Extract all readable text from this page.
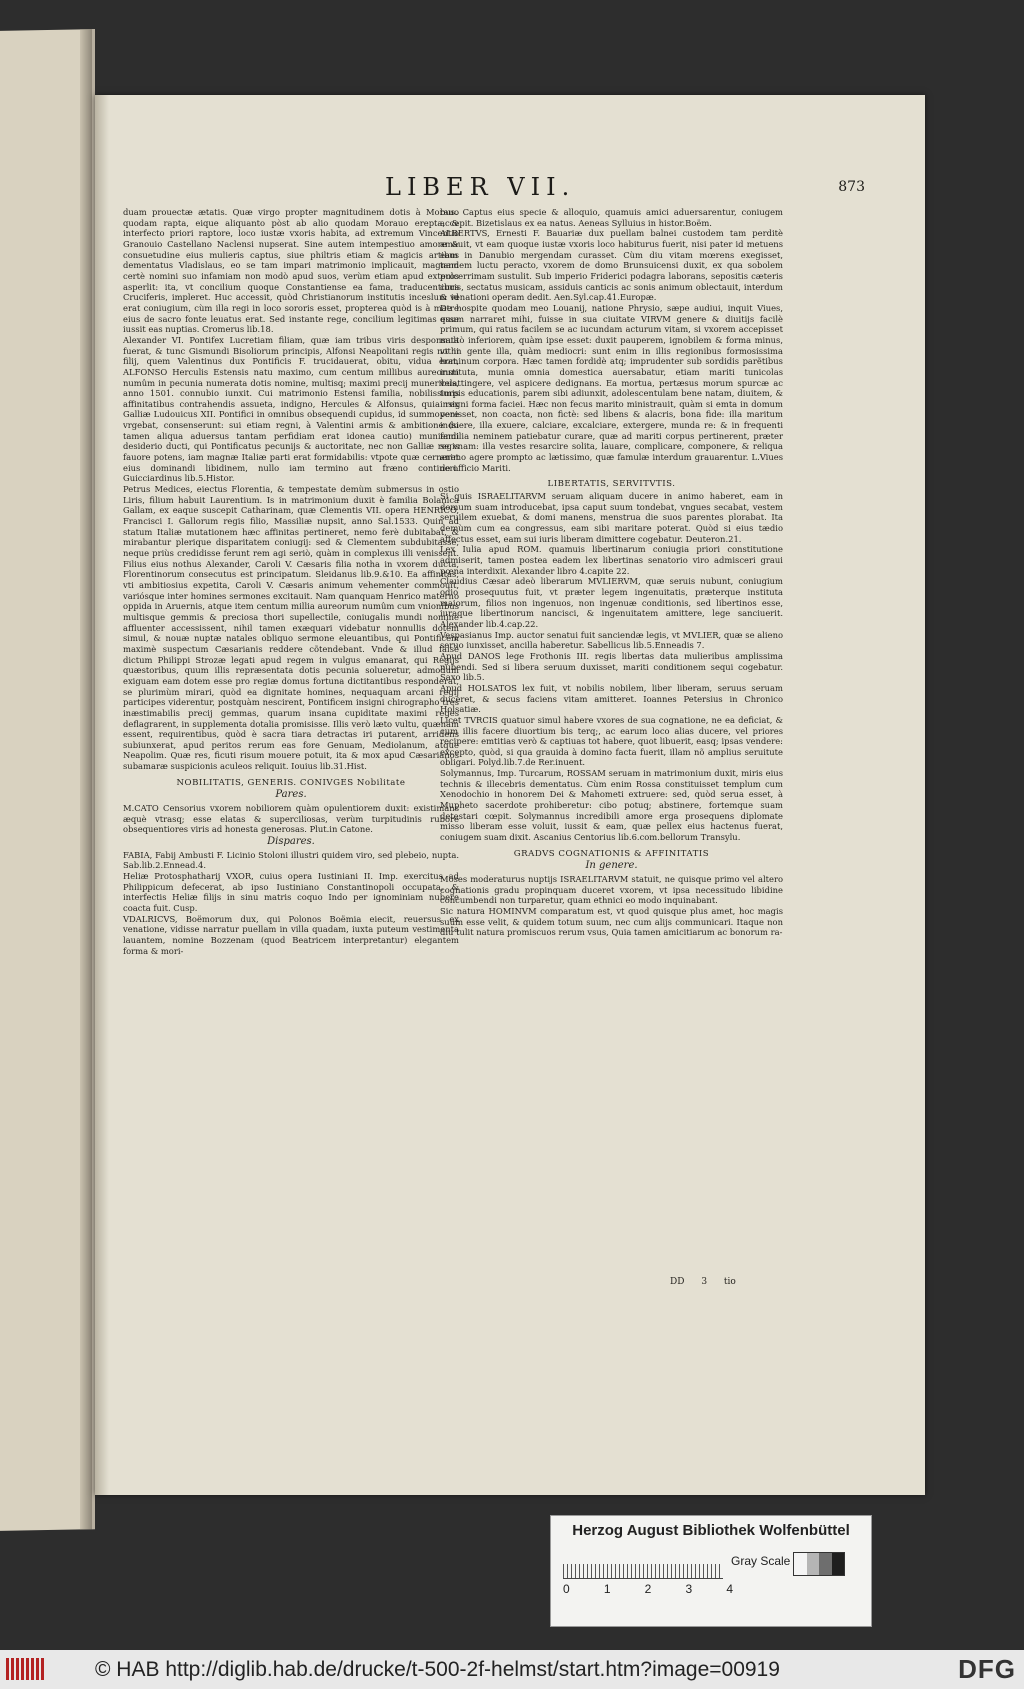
LIBER VII.	873

duam prouectæ ætatis. Quæ virgo propter magnitudinem dotis à Morauo quodam rapta, eique aliquanto pòst ab alio quodam Morauo erepta, & interfecto priori raptore, loco iustæ vxoris habita, ad extremum Vincentio Granouio Castellano Naclensi nupserat. Sine autem intempestiuo amore & consuetudine eius mulieris captus, siue philtris etiam & magicis artibus dementatus Vladislaus, eo se tam impari matrimonio implicauit, magnam certè nomini suo infamiam non modò apud suos, verùm etiam apud exteros asperlit: ita, vt concilium quoque Constantiense ea fama, traducentibus Cruciferis, impleret. Huc accessit, quòd Christianorum institutis inceslum id erat coniugium, cùm illa regi in loco sororis esset, propterea quòd is à matre eius de sacro fonte leuatus erat. Sed instante rege, concilium legitimas esse iussit eas nuptias. Cromerus lib.18.

Alexander VI. Pontifex Lucretiam filiam, quæ iam tribus viris desponsata fuerat, & tunc Gismundi Bisoliorum principis, Alfonsi Neapolitani regis nothi filij, quem Valentinus dux Pontificis F. trucidauerat, obitu, vidua erat, ALFONSO Herculis Estensis natu maximo, cum centum millibus aureorum numûm in pecunia numerata dotis nomine, multisq; maximi precij muneribus, anno 1501. connubio iunxit. Cui matrimonio Estensi familia, nobilissimis affinitatibus contrahendis assueta, indigno, Hercules & Alfonsus, quia rex Galliæ Ludouicus XII. Pontifici in omnibus obsequendi cupidus, id summopere vrgebat, consenserunt: sui etiam regni, à Valentini armis & ambitione (si tamen aliqua aduersus tantam perfidiam erat idonea cautio) muniendi desiderio ducti, qui Pontificatus pecunijs & auctoritate, nec non Galliæ regis fauore potens, iam magnæ Italiæ parti erat formidabilis: vtpote quæ cerneret eius dominandi libidinem, nullo iam termino aut fræno contineri. Guicciardinus lib.5.Histor.

Petrus Medices, eiectus Florentia, & tempestate demùm submersus in ostio Liris, filium habuit Laurentium. Is in matrimonium duxit è familia Bolanica Gallam, ex eaque suscepit Catharinam, quæ Clementis VII. opera HENRICO, Francisci I. Gallorum regis filio, Massiliæ nupsit, anno Sal.1533. Quin ad statum Italiæ mutationem hæc affinitas pertineret, nemo ferè dubitabat, & mirabantur plerique disparitatem coniugij: sed & Clementem subdubitasse, neque priùs credidisse ferunt rem agi seriò, quàm in complexus illi venissent. Filius eius nothus Alexander, Caroli V. Cæsaris filia notha in vxorem ducta, Florentinorum consecutus est principatum. Sleidanus lib.9.&10. Ea affinitas, vti ambitiosius expetita, Caroli V. Cæsaris animum vehementer commouit, variósque inter homines sermones excitauit. Nam quanquam Henrico materno oppida in Aruernis, atque item centum millia aureorum numûm cum vnionibus multisque gemmis & preciosa thori supellectile, coniugalis mundi nomine affluenter accessissent, nihil tamen exæquari videbatur nonnullis dotem simul, & nouæ nuptæ natales obliquo sermone eleuantibus, qui Pontificem maximè suspectum Cæsarianis reddere cõtendebant. Vnde & illud falsè dictum Philippi Strozæ legati apud regem in vulgus emanarat, qui Regijs quæstoribus, quum illis repræsentata dotis pecunia solueretur, admodum exiguam eam dotem esse pro regiæ domus fortuna dictitantibus responderat, se plurimùm mirari, quòd ea dignitate homines, nequaquam arcani regij participes viderentur, postquàm nescirent, Pontificem insigni chirographo tres inæstimabilis precij gemmas, quarum insana cupiditate maximi reges deflagrarent, in supplementa dotalia promisisse. Illis verò læto vultu, quænam essent, requirentibus, quòd è sacra tiara detractas iri putarent, arridens subiunxerat, apud peritos rerum eas fore Genuam, Mediolanum, atque Neapolim. Quæ res, ficuti risum mouere potuit, ita & mox apud Cæsarianos subamaræ suspicionis aculeos reliquit. Iouius lib.31.Hist.

NOBILITATIS, GENERIS. CONIVGES Nobilitate
Pares.

M.CATO Censorius vxorem nobiliorem quàm opulentiorem duxit: existimans æquè vtrasq; esse elatas & superciliosas, verùm turpitudinis rubore obsequentiores viris ad honesta generosas. Plut.in Catone.

Dispares.

FABIA, Fabij Ambusti F. Licinio Stoloni illustri quidem viro, sed plebeio, nupta. Sab.lib.2.Ennead.4.

Heliæ Protosphatharij VXOR, cuius opera Iustiniani II. Imp. exercitus ad Philippicum defecerat, ab ipso Iustiniano Constantinopoli occupata, & interfectis Heliæ filijs in sinu matris coquo Indo per ignominiam nubere coacta fuit. Cusp.

VDALRICVS, Boëmorum dux, qui Polonos Boëmia eiecit, reuersus ex venatione, vidisse narratur puellam in villa quadam, iuxta puteum vestimenta lauantem, nomine Bozzenam (quod Beatricem interpretantur) elegantem forma & mori-

bus. Captus eius specie & alloquio, quamuis amici aduersarentur, coniugem accepit. Bizetislaus ex ea natus. Aeneas Sylluius in histor.Boëm.

ALBERTVS, Ernesti F. Bauariæ dux puellam balnei custodem tam perditè amauit, vt eam quoque iustæ vxoris loco habiturus fuerit, nisi pater id metuens eam in Danubio mergendam curasset. Cùm diu vitam mœrens exegisset, tandem luctu peracto, vxorem de domo Brunsuicensi duxit, ex qua sobolem pulcerrimam sustulit. Sub imperio Friderici podagra laborans, sepositis cæteris curis, sectatus musicam, assiduis canticis ac sonis animum oblectauit, interdum & venationi operam dedit. Aen.Syl.cap.41.Europæ.

De hospite quodam meo Louanij, natione Phrysio, sæpe audiui, inquit Viues, quum narraret mihi, fuisse in sua ciuitate VIRVM genere & diuitijs facilè primum, qui ratus facilem se ac iucundam acturum vitam, si vxorem accepisset multò inferiorem, quàm ipse esset: duxit pauperem, ignobilem & forma minus, vt in gente illa, quàm mediocri: sunt enim in illis regionibus formosissima hominum corpora. Hæc tamen fordidè atq; imprudenter sub sordidis parẽtibus instituta, munia omnia domestica auersabatur, etiam mariti tunicolas velattingere, vel aspicere dedignans. Ea mortua, pertæsus morum spurcæ ac turpis educationis, parem sibi adiunxit, adolescentulam bene natam, diuitem, & insigni forma faciei. Hæc non fecus marito ministrauit, quàm si emta in domum venisset, non coacta, non fictè: sed libens & alacris, bona fide: illa maritum induere, illa exuere, calciare, excalciare, extergere, munda re: & in frequenti familia neminem patiebatur curare, quæ ad mariti corpus pertinerent, præter se vnam: illa vestes resarcire solita, lauare, complicare, componere, & reliqua animo agere prompto ac lætissimo, quæ famulæ interdum grauarentur. L.Viues de officio Mariti.

LIBERTATIS, SERVITVTIS.

Si quis ISRAELITARVM seruam aliquam ducere in animo haberet, eam in domum suam introducebat, ipsa caput suum tondebat, vngues secabat, vestem seruilem exuebat, & domi manens, menstrua die suos parentes plorabat. Ita demùm cum ea congressus, eam sibi maritare poterat. Quòd si eius tædio affectus esset, eam sui iuris liberam dimittere cogebatur. Deuteron.21.

Lex Iulia apud ROM. quamuis libertinarum coniugia priori constitutione admiserit, tamen postea eadem lex libertinas senatorio viro admisceri graui pœna interdixit. Alexander libro 4.capite 22.

Claudius Cæsar adeò liberarum MVLIERVM, quæ seruis nubunt, coniugium odio prosequutus fuit, vt præter legem ingenuitatis, præterque instituta maiorum, filios non ingenuos, non ingenuæ conditionis, sed libertinos esse, iuraque libertinorum nancisci, & ingenuitatem amittere, lege sanciuerit. Alexander lib.4.cap.22.

Vespasianus Imp. auctor senatui fuit sanciendæ legis, vt MVLIER, quæ se alieno seruo iunxisset, ancilla haberetur. Sabellicus lib.5.Enneadis 7.

Apud DANOS lege Frothonis III. regis libertas data mulieribus amplissima nubendi. Sed si libera seruum duxisset, mariti conditionem sequi cogebatur. Saxo lib.5.

Apud HOLSATOS lex fuit, vt nobilis nobilem, liber liberam, seruus seruam duceret, & secus faciens vitam amitteret. Ioannes Petersius in Chronico Holsatiæ.

Licet TVRCIS quatuor simul habere vxores de sua cognatione, ne ea deficiat, & cum illis facere diuortium bis terq;, ac earum loco alias ducere, vel priores recipere: emtitias verò & captiuas tot habere, quot libuerit, easq; ipsas vendere: excepto, quòd, si qua grauida à domino facta fuerit, illam nõ amplius seruitute obligari. Polyd.lib.7.de Rer.inuent.

Solymannus, Imp. Turcarum, ROSSAM seruam in matrimonium duxit, miris eius technis & illecebris dementatus. Cùm enim Rossa constituisset templum cum Xenodochio in honorem Dei & Mahometi extruere: sed, quòd serua esset, à Mupheto sacerdote prohiberetur: cibo potuq; abstinere, fortemque suam detestari cœpit. Solymannus incredibili amore erga prosequens diplomate misso liberam esse voluit, iussit & eam, quæ pellex eius hactenus fuerat, coniugem suam dixit. Ascanius Centorius lib.6.com.bellorum Transylu.

GRADVS COGNATIONIS & AFFINITATIS
In genere.

Moses moderaturus nuptijs ISRAELITARVM statuit, ne quisque primo vel altero cognationis gradu propinquam duceret vxorem, vt ipsa necessitudo libidine concumbendi non turparetur, quam ethnici eo modo inquinabant.

Sic natura HOMINVM comparatum est, vt quod quisque plus amet, hoc magis suum esse velit, & quidem totum suum, nec cum alijs communicari. Itaque non diu tulit natura promiscuos rerum vsus, Quia tamen amicitiarum ac bonorum ra-

DD 3 tio
Herzog August Bibliothek Wolfenbüttel
0	1	2	3	4
Gray Scale
© HAB http://diglib.hab.de/drucke/t-500-2f-helmst/start.htm?image=00919	DFG
